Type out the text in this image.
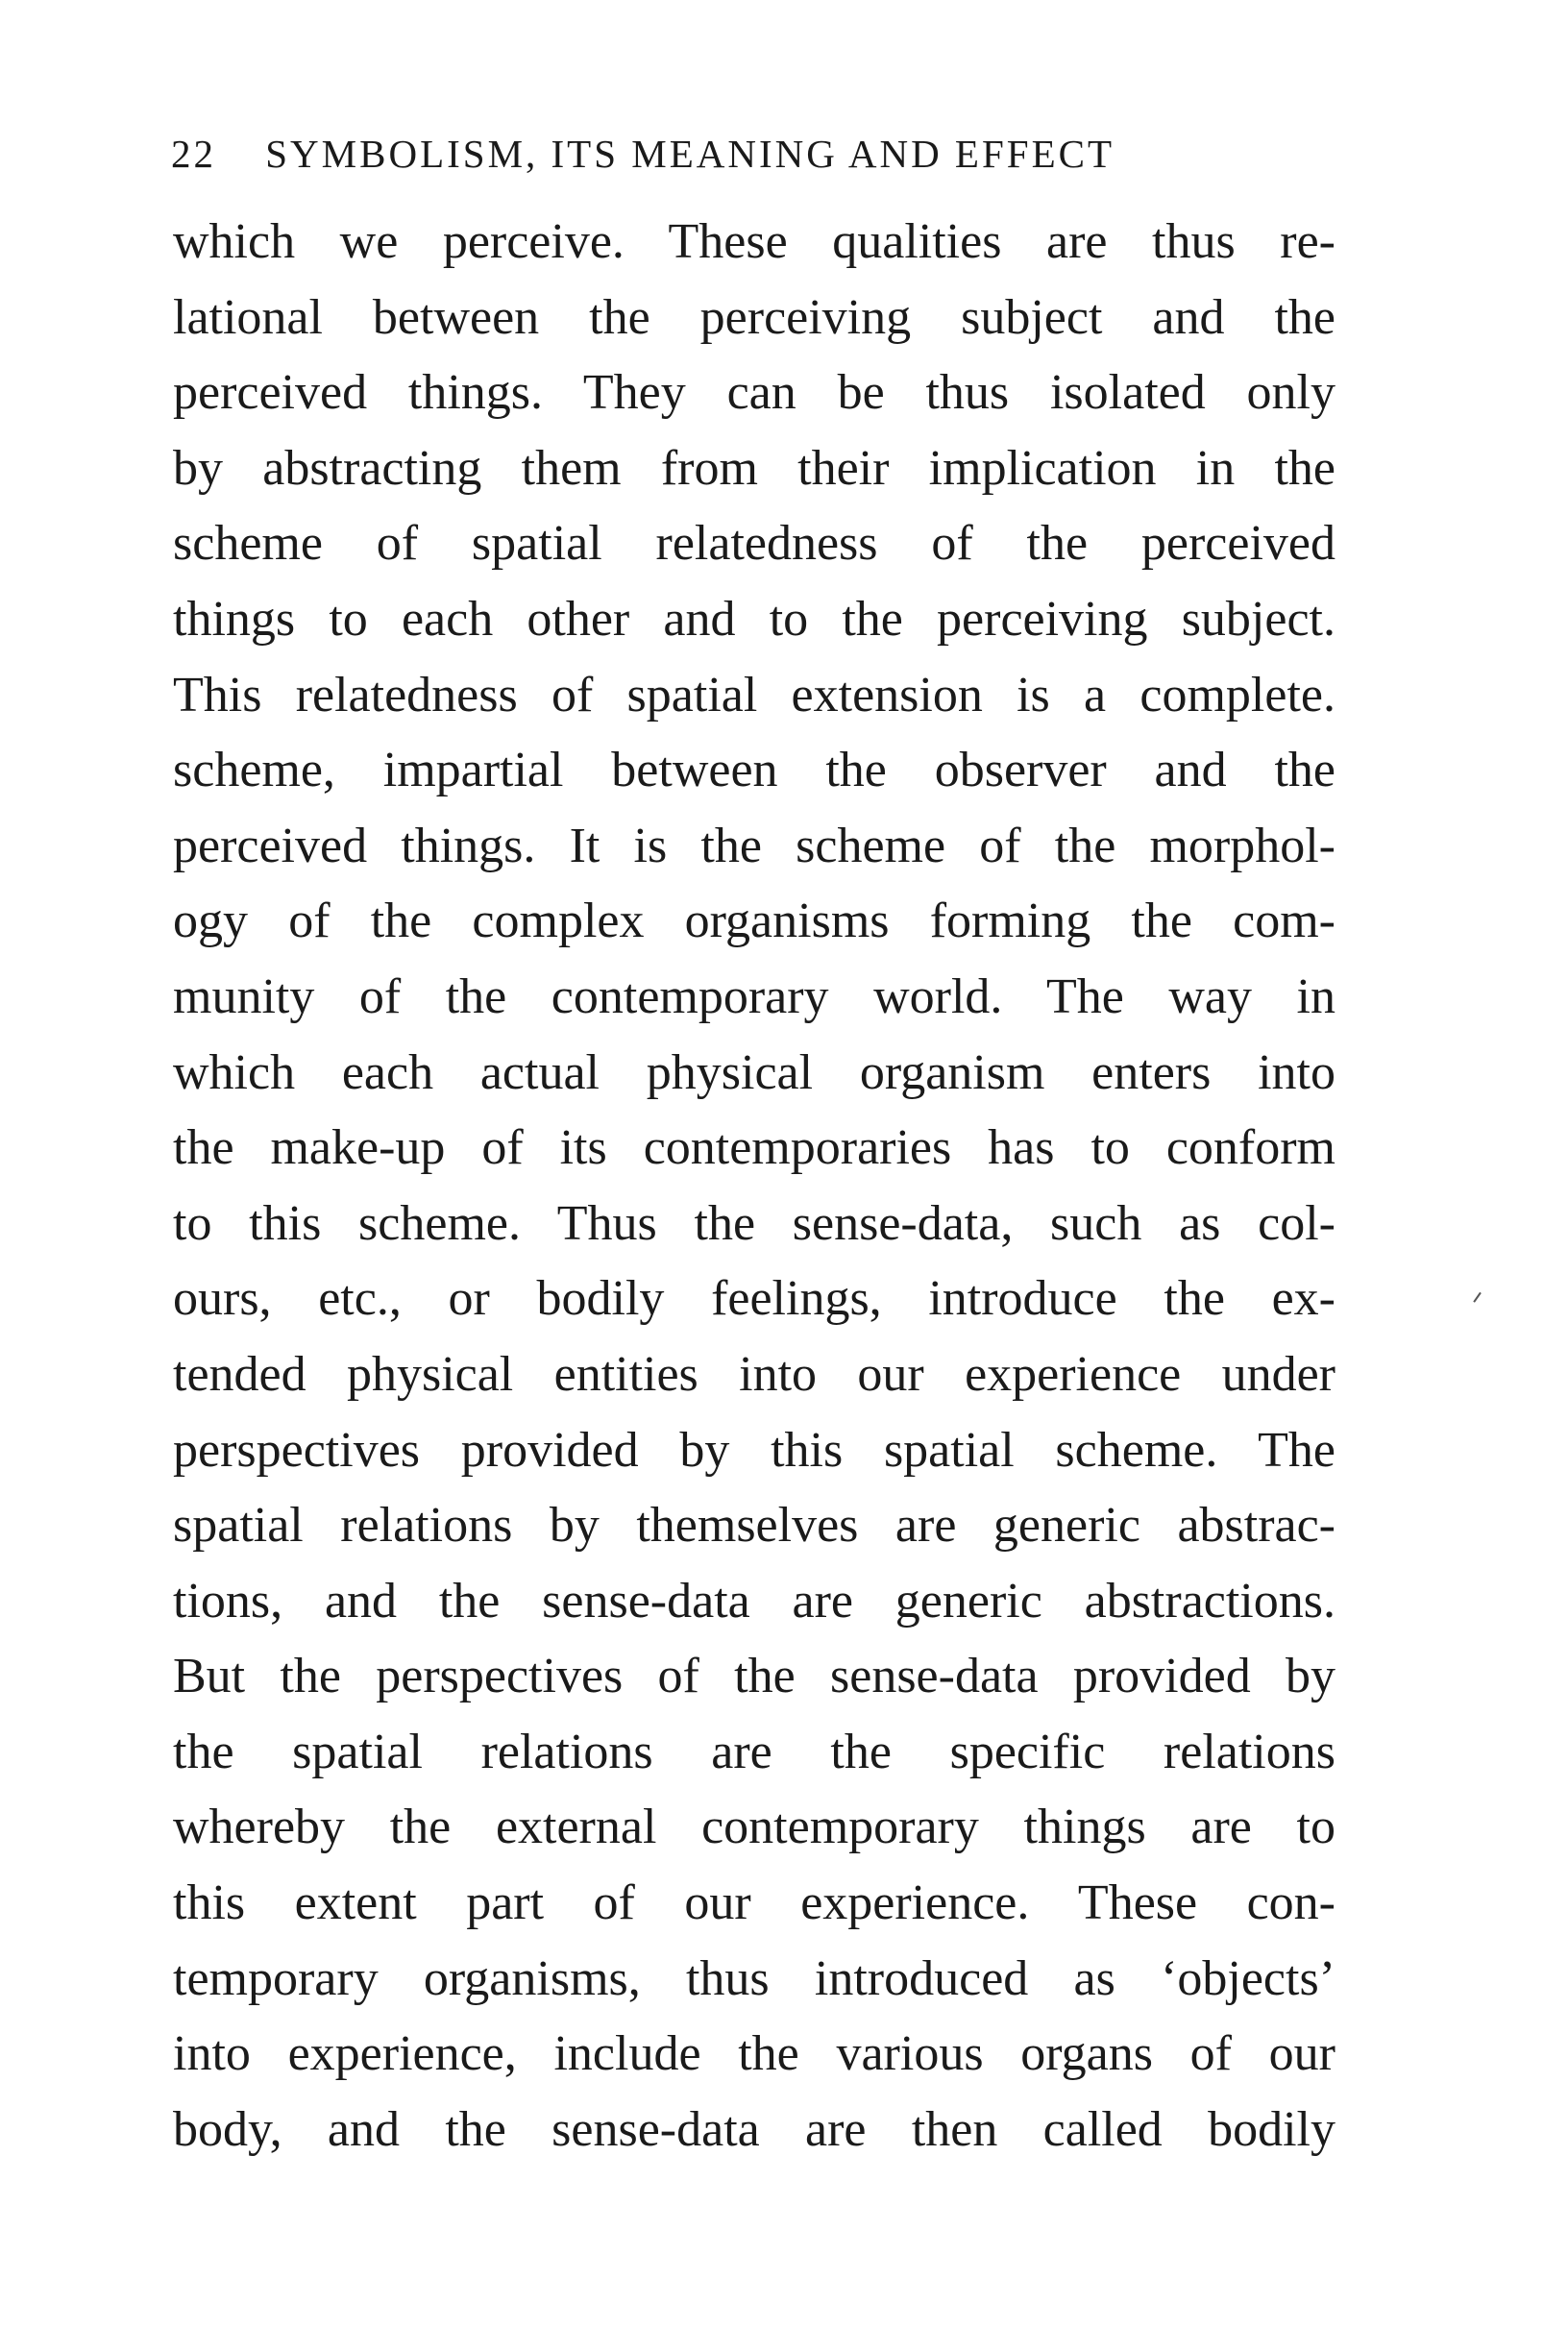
22 SYMBOLISM, ITS MEANING AND EFFECT
which we perceive. These qualities are thus re-
lational between the perceiving subject and the
perceived things. They can be thus isolated only
by abstracting them from their implication in the
scheme of spatial relatedness of the perceived
things to each other and to the perceiving subject.
This relatedness of spatial extension is a complete.
scheme, impartial between the observer and the
perceived things. It is the scheme of the morphol-
ogy of the complex organisms forming the com-
munity of the contemporary world. The way in
which each actual physical organism enters into
the make-up of its contemporaries has to conform
to this scheme. Thus the sense-data, such as col-
ours, etc., or bodily feelings, introduce the ex-
tended physical entities into our experience under
perspectives provided by this spatial scheme. The
spatial relations by themselves are generic abstrac-
tions, and the sense-data are generic abstractions.
But the perspectives of the sense-data provided by
the spatial relations are the specific relations
whereby the external contemporary things are to
this extent part of our experience. These con-
temporary organisms, thus introduced as ‘objects’
into experience, include the various organs of our
body, and the sense-data are then called bodily
